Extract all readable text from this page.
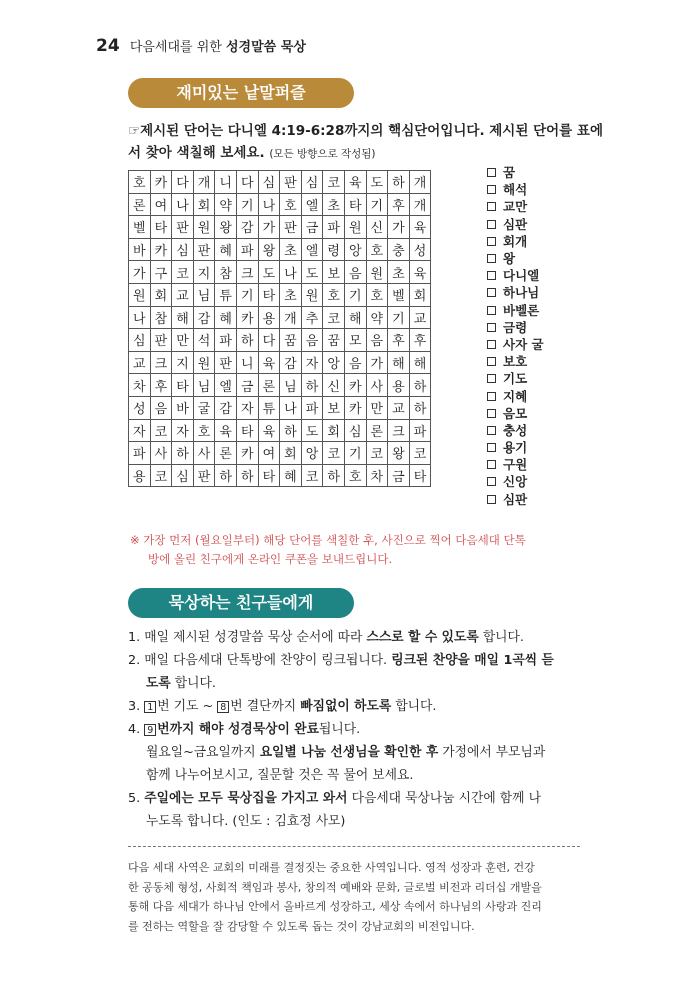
24 다음세대를 위한 성경말씀 묵상
재미있는 낱말퍼즐
☞제시된 단어는 다니엘 4:19-6:28까지의 핵심단어입니다. 제시된 단어를 표에서 찾아 색칠해 보세요. (모든 방향으로 작성됨)
호	카	다	개	니	다	심	판	심	코	육	도	하	개
론	여	나	회	약	기	나	호	엘	초	타	기	후	개
벨	타	판	원	왕	감	가	판	금	파	원	신	가	육
바	카	심	판	혜	파	왕	초	엘	령	앙	호	충	성
가	구	코	지	참	크	도	나	도	보	음	원	초	육
원	회	교	님	튜	기	타	초	원	호	기	호	벨	회
나	참	해	감	혜	카	용	개	추	코	해	약	기	교
심	판	만	석	파	하	다	꿈	음	꿈	모	음	후	후
교	크	지	원	판	니	육	감	자	앙	음	가	해	해
차	후	타	님	엘	금	론	님	하	신	카	사	용	하
성	음	바	굴	감	자	튜	나	파	보	카	만	교	하
자	코	자	호	육	타	육	하	도	회	심	론	크	파
파	사	하	사	론	카	여	회	앙	코	기	코	왕	코
용	코	심	판	하	하	타	혜	코	하	호	차	금	타
꿈
해석
교만
심판
회개
왕
다니엘
하나님
바벨론
금령
사자 굴
보호
기도
지혜
음모
충성
용기
구원
신앙
심판
※ 가장 먼저 (월요일부터) 해당 단어를 색칠한 후, 사진으로 찍어 다음세대 단톡
방에 올린 친구에게 온라인 쿠폰을 보내드립니다.
묵상하는 친구들에게
1. 매일 제시된 성경말씀 묵상 순서에 따라 스스로 할 수 있도록 합니다.
2. 매일 다음세대 단톡방에 찬양이 링크됩니다. 링크된 찬양을 매일 1곡씩 듣
도록 합니다.
3. 1 번 기도 ~ 8 번 결단까지 빠짐없이 하도록 합니다.
4. 9 번까지 해야 성경묵상이 완료됩니다.
월요일~금요일까지 요일별 나눔 선생님을 확인한 후 가정에서 부모님과
함께 나누어보시고, 질문할 것은 꼭 물어 보세요.
5. 주일에는 모두 묵상집을 가지고 와서 다음세대 묵상나눔 시간에 함께 나
누도록 합니다. (인도 : 김효정 사모)
다음 세대 사역은 교회의 미래를 결정짓는 중요한 사역입니다. 영적 성장과 훈련, 건강
한 공동체 형성, 사회적 책임과 봉사, 창의적 예배와 문화, 글로벌 비전과 리더십 개발을
통해 다음 세대가 하나님 안에서 올바르게 성장하고, 세상 속에서 하나님의 사랑과 진리
를 전하는 역할을 잘 감당할 수 있도록 돕는 것이 강남교회의 비전입니다.
